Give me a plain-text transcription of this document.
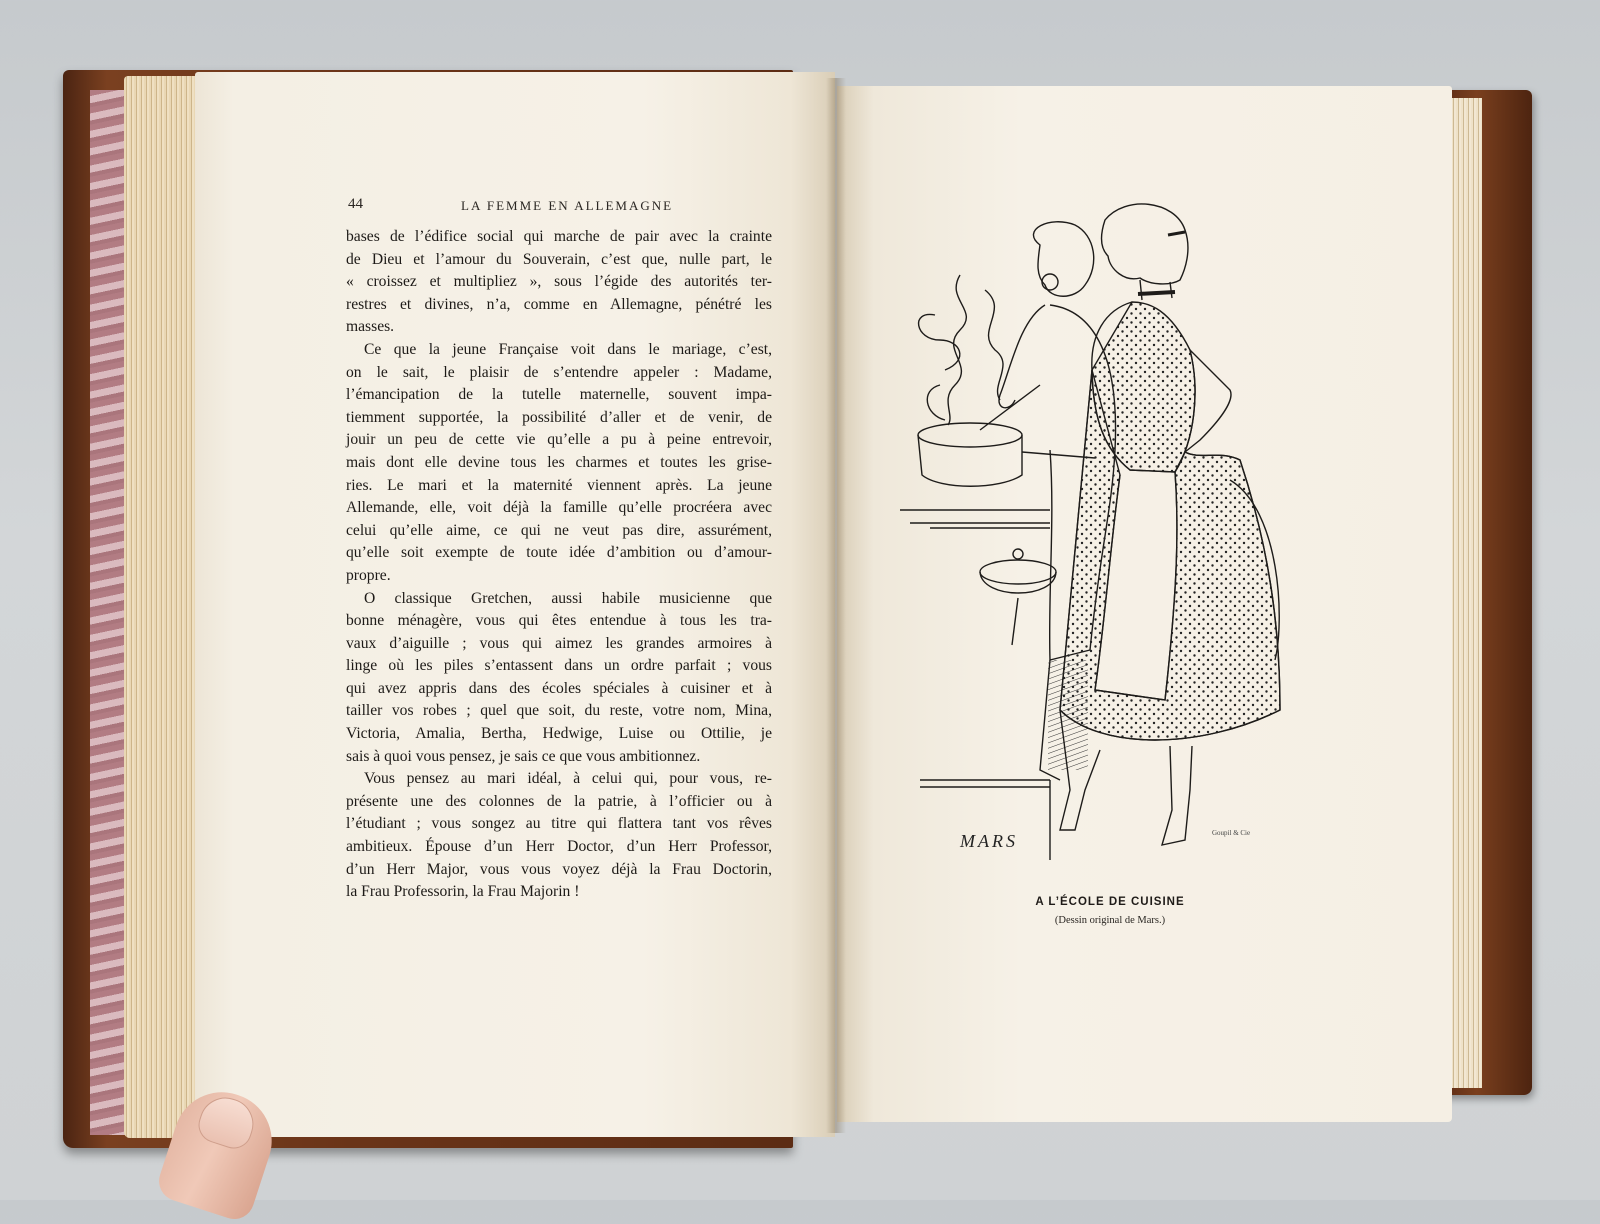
44	LA FEMME EN ALLEMAGNE
bases de l’édifice social qui marche de pair avec la crainte
de Dieu et l’amour du Souverain, c’est que, nulle part, le
« croissez et multipliez », sous l’égide des autorités ter-
restres et divines, n’a, comme en Allemagne, pénétré les
masses.
Ce que la jeune Française voit dans le mariage, c’est,
on le sait, le plaisir de s’entendre appeler : Madame,
l’émancipation de la tutelle maternelle, souvent impa-
tiemment supportée, la possibilité d’aller et de venir, de
jouir un peu de cette vie qu’elle a pu à peine entrevoir,
mais dont elle devine tous les charmes et toutes les grise-
ries. Le mari et la maternité viennent après. La jeune
Allemande, elle, voit déjà la famille qu’elle procréera avec
celui qu’elle aime, ce qui ne veut pas dire, assurément,
qu’elle soit exempte de toute idée d’ambition ou d’amour-
propre.
O classique Gretchen, aussi habile musicienne que
bonne ménagère, vous qui êtes entendue à tous les tra-
vaux d’aiguille ; vous qui aimez les grandes armoires à
linge où les piles s’entassent dans un ordre parfait ; vous
qui avez appris dans des écoles spéciales à cuisiner et à
tailler vos robes ; quel que soit, du reste, votre nom, Mina,
Victoria, Amalia, Bertha, Hedwige, Luise ou Ottilie, je
sais à quoi vous pensez, je sais ce que vous ambitionnez.
Vous pensez au mari idéal, à celui qui, pour vous, re-
présente une des colonnes de la patrie, à l’officier ou à
l’étudiant ; vous songez au titre qui flattera tant vos rêves
ambitieux. Épouse d’un Herr Doctor, d’un Herr Professor,
d’un Herr Major, vous vous voyez déjà la Frau Doctorin,
la Frau Professorin, la Frau Majorin !
MARS	Goupil & Cie
A L’ÉCOLE DE CUISINE
(Dessin original de Mars.)
